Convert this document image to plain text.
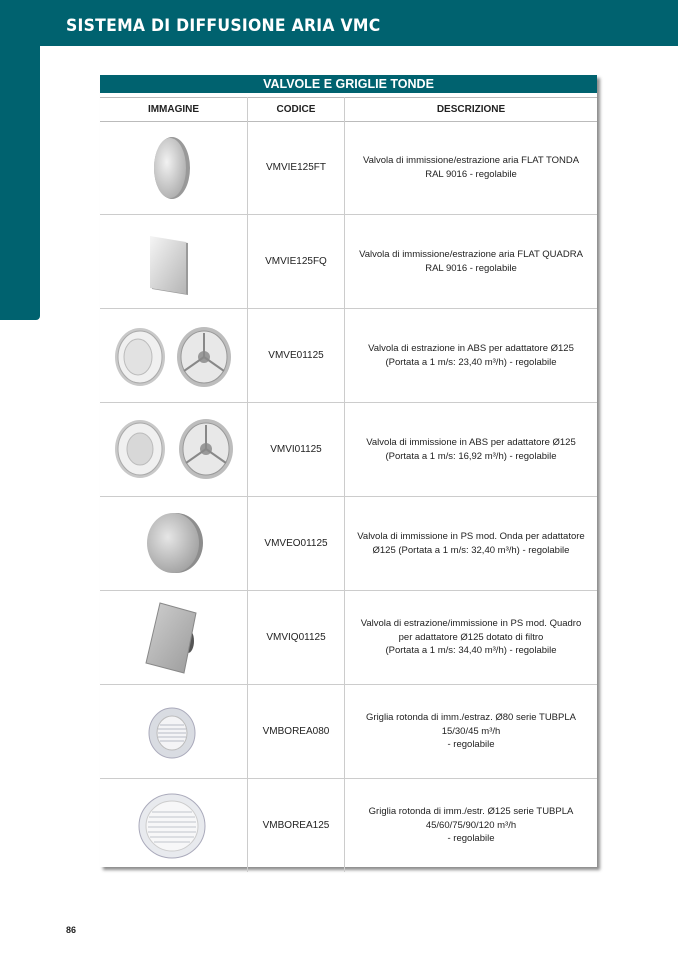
SISTEMA DI DIFFUSIONE ARIA VMC
VALVOLE E GRIGLIE TONDE
IMMAGINE	CODICE	DESCRIZIONE
VMVIE125FT
Valvola di immissione/estrazione aria FLAT TONDA
RAL 9016 - regolabile
VMVIE125FQ
Valvola di immissione/estrazione aria FLAT QUADRA
RAL 9016 - regolabile
VMVE01125
Valvola di estrazione in ABS per adattatore Ø125
(Portata a 1 m/s: 23,40 m³/h) - regolabile
VMVI01125
Valvola di immissione in ABS per adattatore Ø125
(Portata a 1 m/s: 16,92 m³/h) - regolabile
VMVEO01125
Valvola di immissione in PS mod. Onda per adattatore
Ø125 (Portata a 1 m/s: 32,40 m³/h) - regolabile
VMVIQ01125
Valvola di estrazione/immissione in PS mod. Quadro
per adattatore Ø125 dotato di filtro
(Portata a 1 m/s: 34,40 m³/h) - regolabile
VMBOREA080
Griglia rotonda di imm./estraz. Ø80 serie TUBPLA
15/30/45 m³/h
- regolabile
VMBOREA125
Griglia rotonda di imm./estr. Ø125 serie TUBPLA
45/60/75/90/120 m³/h
- regolabile
86
